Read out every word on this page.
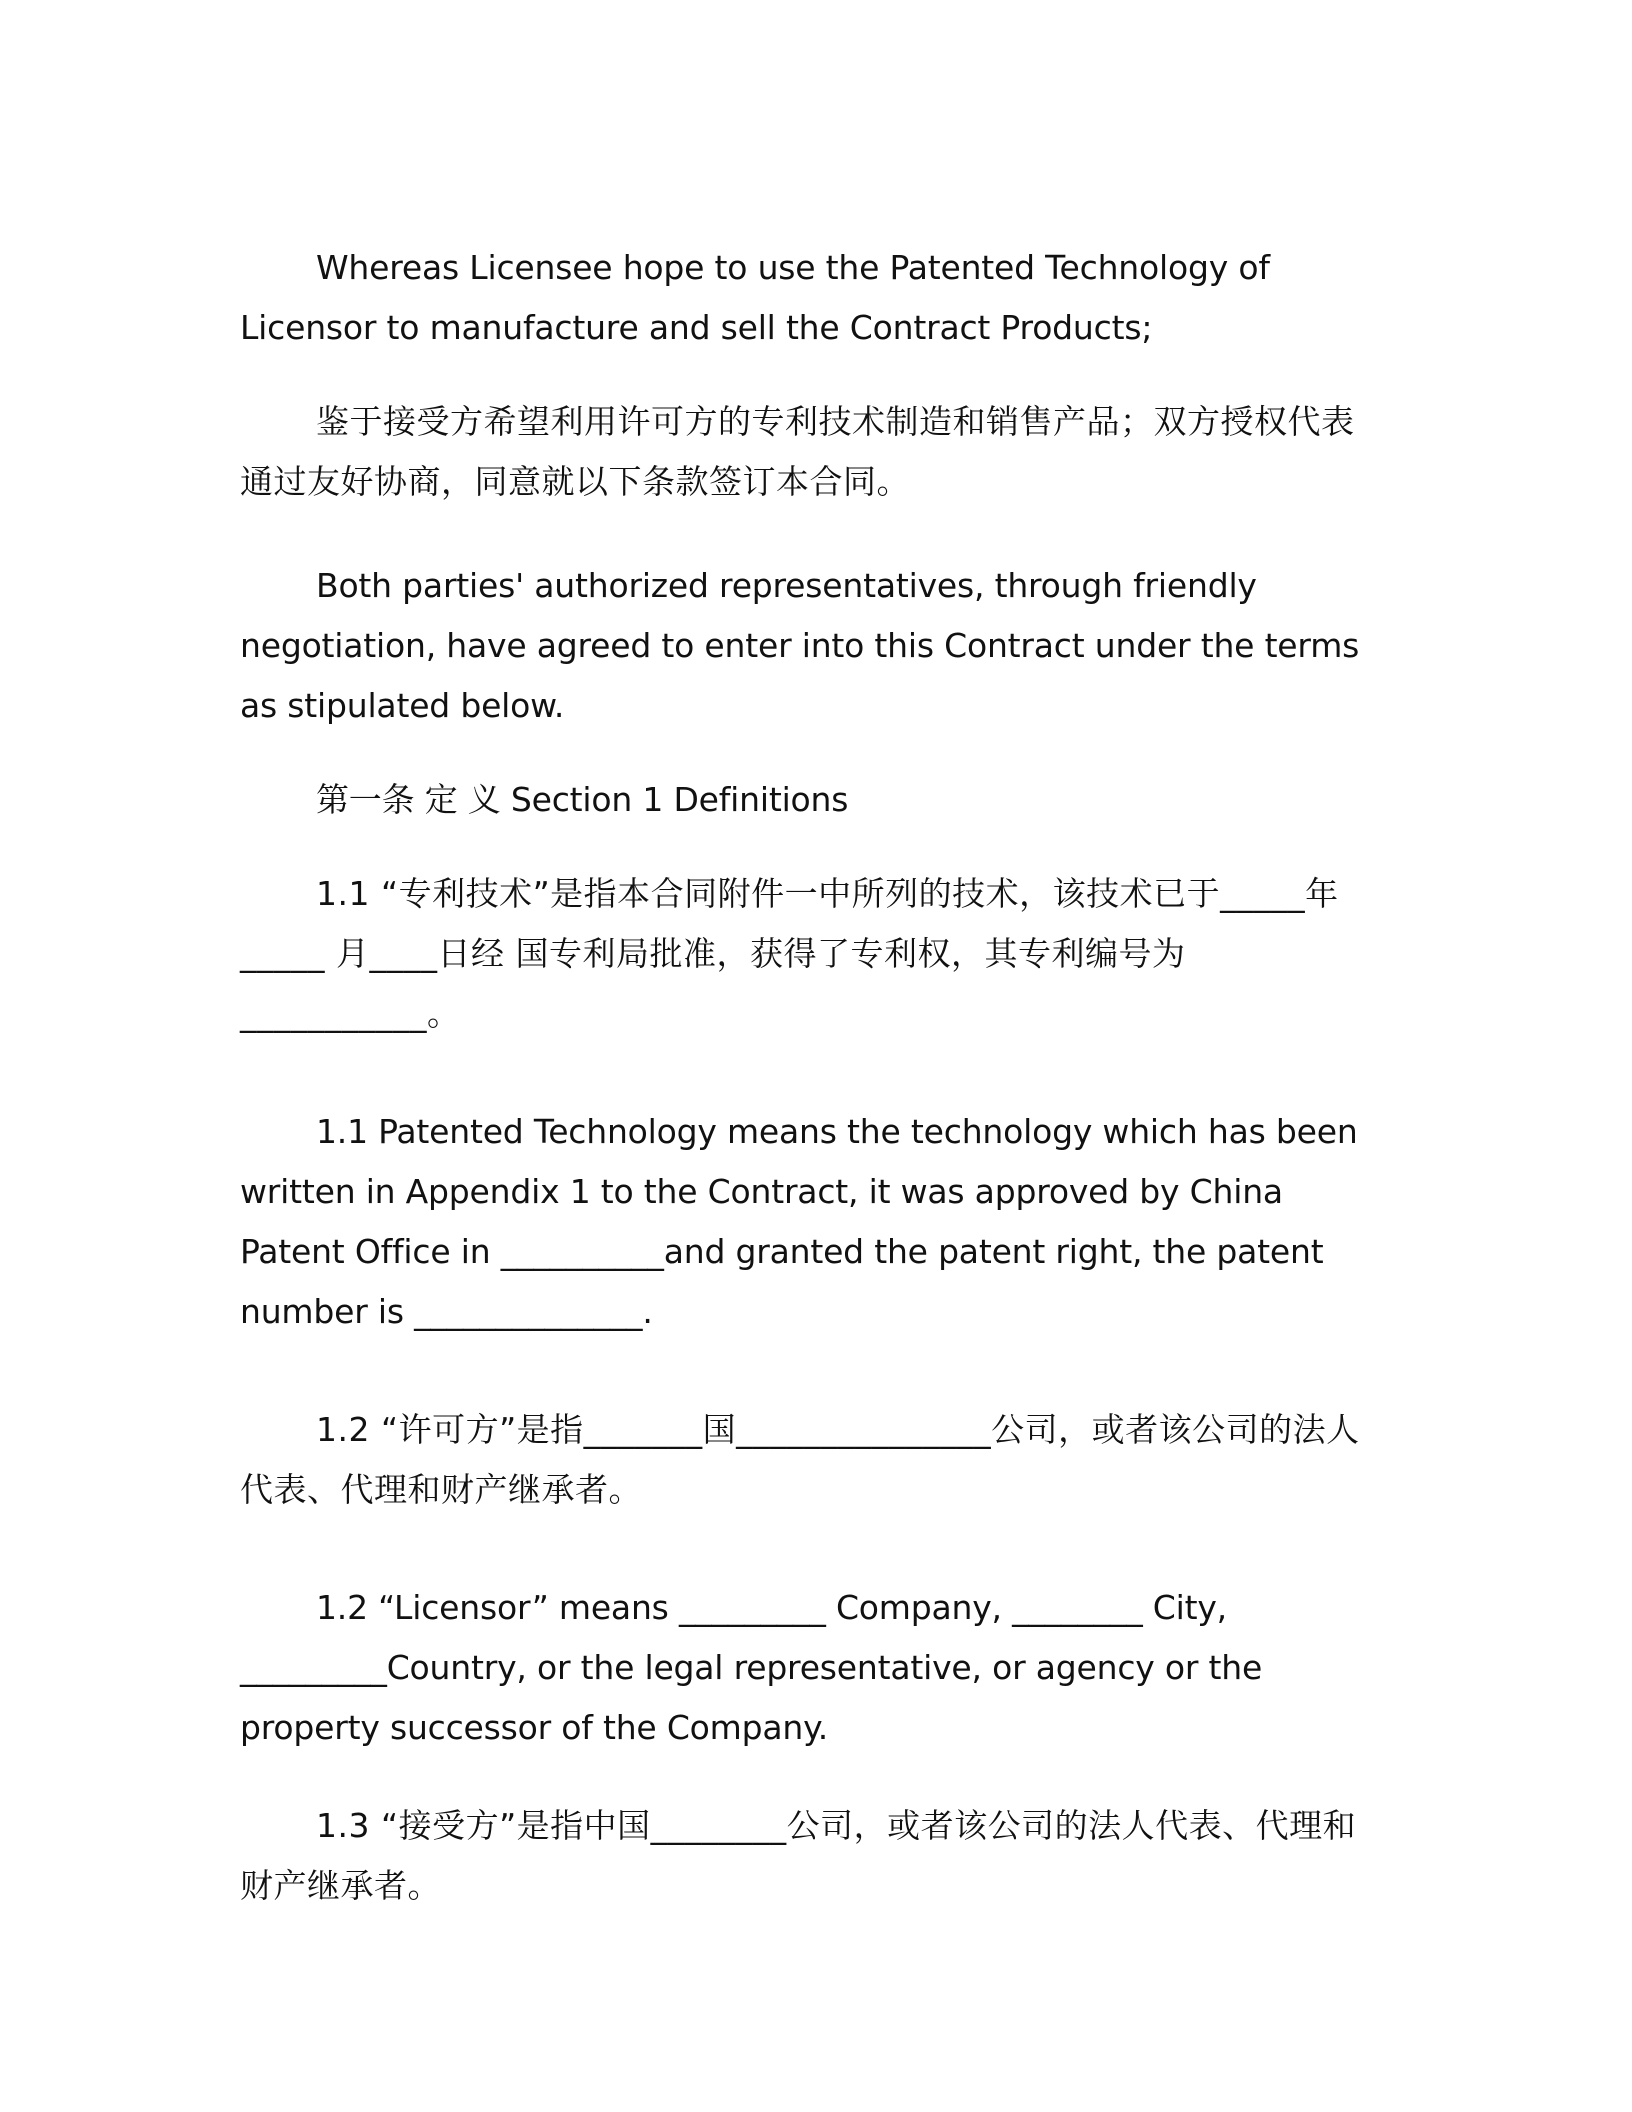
Whereas Licensee hope to use the Patented Technology of Licensor to manufacture and sell the Contract Products;

鉴于接受方希望利用许可方的专利技术制造和销售产品；双方授权代表通过友好协商，同意就以下条款签订本合同。

Both parties' authorized representatives, through friendly negotiation, have agreed to enter into this Contract under the terms as stipulated below.

第一条 定 义 Section 1 Definitions

1.1 “专利技术”是指本合同附件一中所列的技术，该技术已于_____年_____ 月____日经 国专利局批准，获得了专利权，其专利编号为___________。

1.1 Patented Technology means the technology which has been written in Appendix 1 to the Contract, it was approved by China Patent Office in __________and granted the patent right, the patent number is ______________.

1.2 “许可方”是指_______国_______________公司，或者该公司的法人代表、代理和财产继承者。

1.2 “Licensor” means _________ Company, ________ City, _________Country, or the legal representative, or agency or the property successor of the Company.

1.3 “接受方”是指中国________公司，或者该公司的法人代表、代理和财产继承者。
